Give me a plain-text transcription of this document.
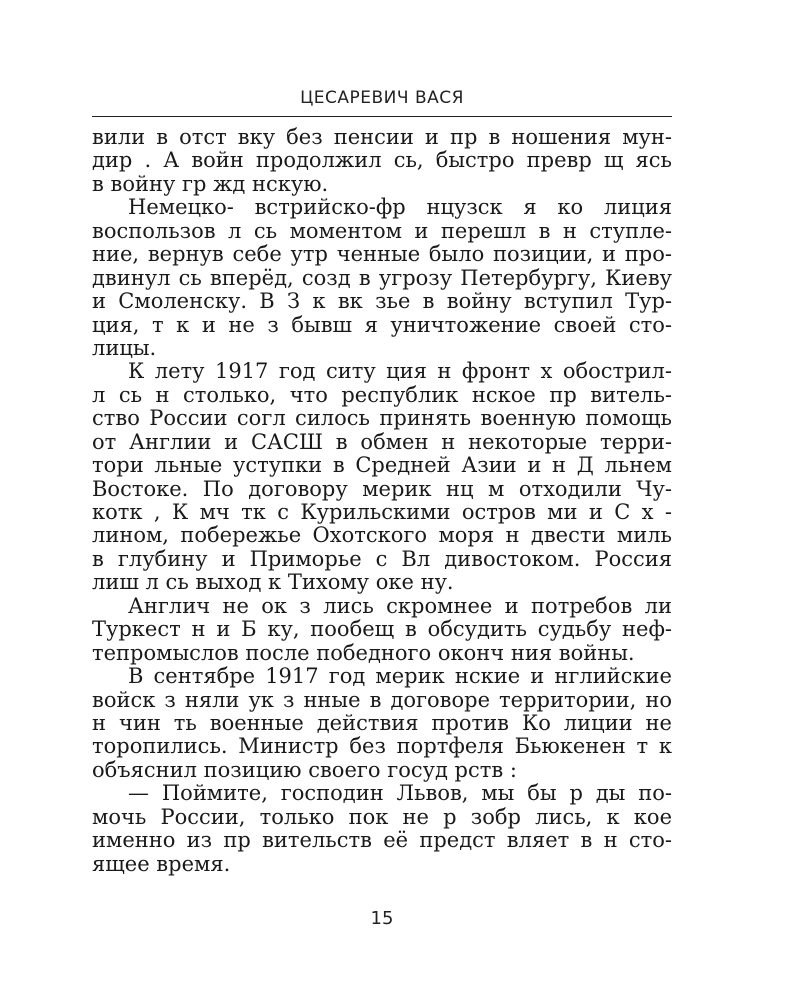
ЦЕСАРЕВИЧ ВАСЯ
вили в отст вку без пенсии и пр в ношения мун-
дир . А войн продолжил сь, быстро превр щ ясь
в войну гр жд нскую.
Немецко- встрийско-фр нцузск я ко лиция
воспользов л сь моментом и перешл в н ступле-
ние, вернув себе утр ченные было позиции, и про-
двинул сь вперёд, созд в угрозу Петербургу, Киеву
и Смоленску. В З к вк зье в войну вступил Тур-
ция, т к и не з бывш я уничтожение своей сто-
лицы.
К лету 1917 год ситу ция н фронт х обострил-
л сь н столько, что республик нское пр витель-
ство России согл силось принять военную помощь
от Англии и САСШ в обмен н некоторые терри-
тори льные уступки в Средней Азии и н Д льнем
Востоке. По договору мерик нц м отходили Чу-
котк , К мч тк с Курильскими остров ми и С х -
лином, побережье Охотского моря н двести миль
в глубину и Приморье с Вл дивостоком. Россия
лиш л сь выход к Тихому оке ну.
Англич не ок з лись скромнее и потребов ли
Туркест н и Б ку, пообещ в обсудить судьбу неф-
тепромыслов после победного оконч ния войны.
В сентябре 1917 год мерик нские и нглийские
войск з няли ук з нные в договоре территории, но
н чин ть военные действия против Ко лиции не
торопились. Министр без портфеля Бьюкенен т к
объяснил позицию своего госуд рств :
— Поймите, господин Львов, мы бы р ды по-
мочь России, только пок не р зобр лись, к кое
именно из пр вительств её предст вляет в н сто-
ящее время.
15
